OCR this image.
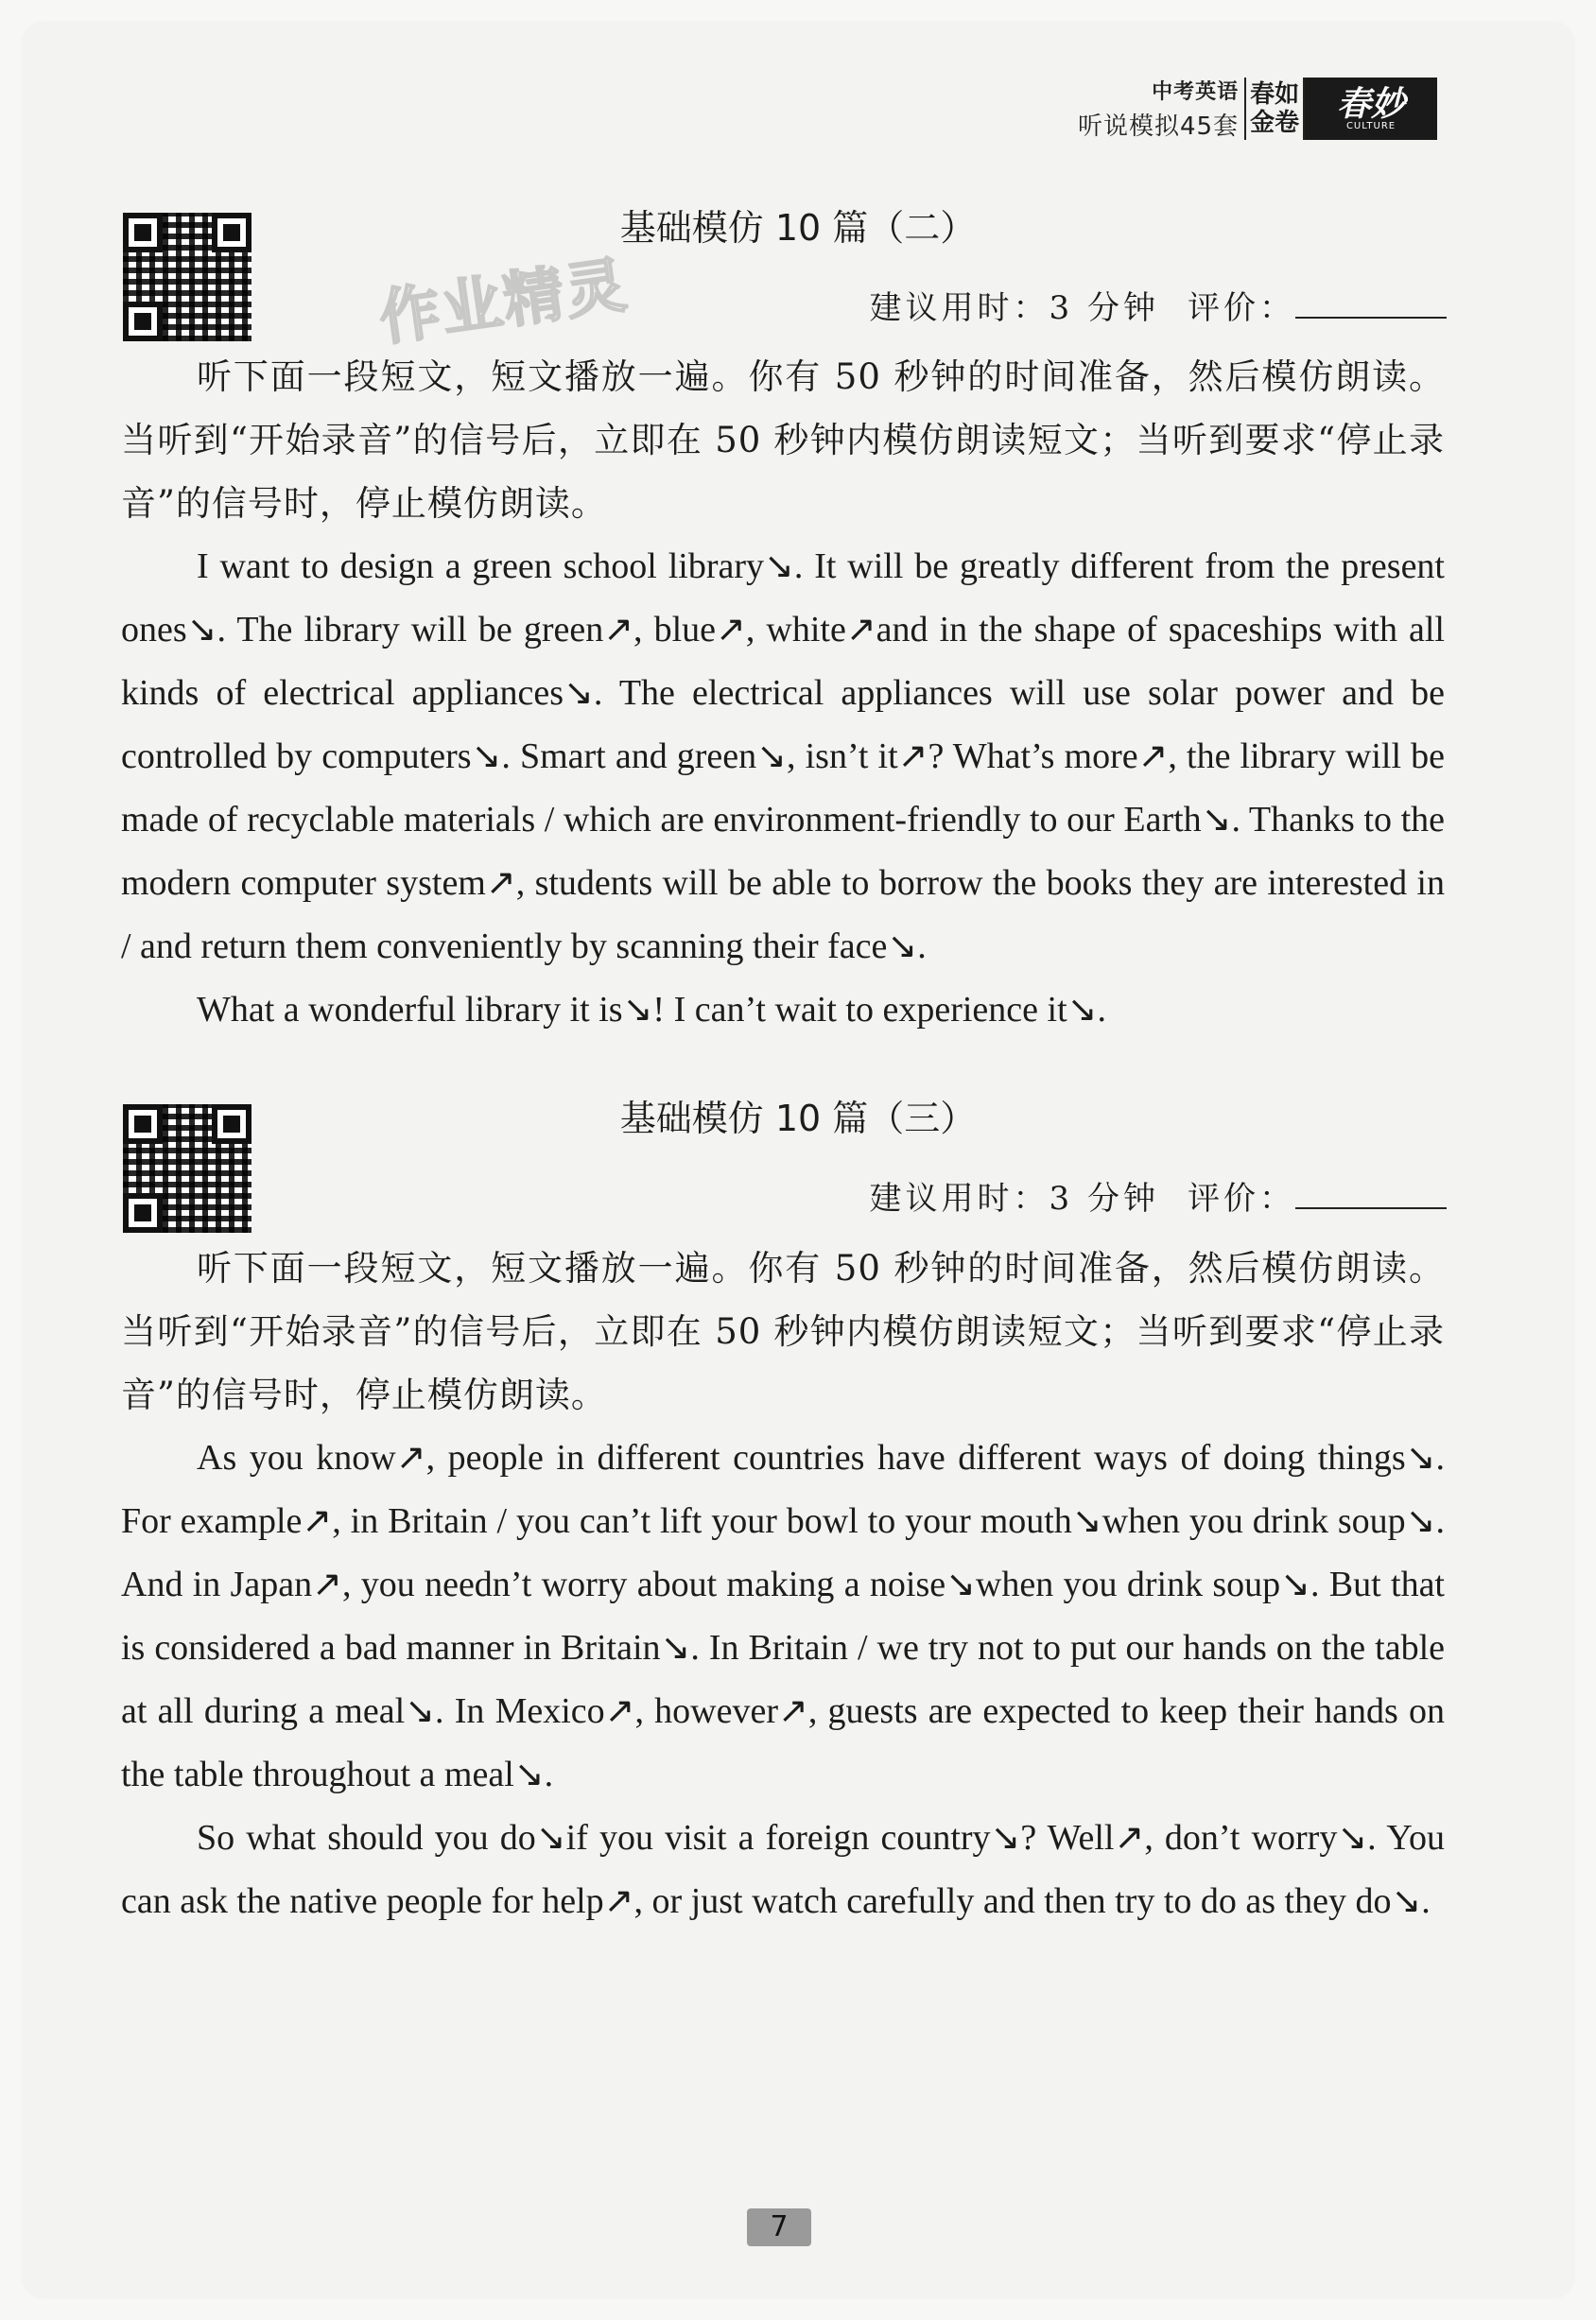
中考英语
听说模拟45套
春如金卷 春妙
CULTURE
作业精灵
基础模仿 10 篇（二）
建议用时：3 分钟 评价：

听下面一段短文，短文播放一遍。你有 50 秒钟的时间准备，然后模仿朗读。当听到“开始录音”的信号后，立即在 50 秒钟内模仿朗读短文；当听到要求“停止录音”的信号时，停止模仿朗读。

I want to design a green school library↘. It will be greatly different from the present ones↘. The library will be green↗, blue↗, white↗and in the shape of spaceships with all kinds of electrical appliances↘. The electrical appliances will use solar power and be controlled by computers↘. Smart and green↘, isn’t it↗? What’s more↗, the library will be made of recyclable materials / which are environment-friendly to our Earth↘. Thanks to the modern computer system↗, students will be able to borrow the books they are interested in / and return them conveniently by scanning their face↘.

What a wonderful library it is↘! I can’t wait to experience it↘.

基础模仿 10 篇（三）
建议用时：3 分钟 评价：

听下面一段短文，短文播放一遍。你有 50 秒钟的时间准备，然后模仿朗读。当听到“开始录音”的信号后，立即在 50 秒钟内模仿朗读短文；当听到要求“停止录音”的信号时，停止模仿朗读。

As you know↗, people in different countries have different ways of doing things↘. For example↗, in Britain / you can’t lift your bowl to your mouth↘when you drink soup↘. And in Japan↗, you needn’t worry about making a noise↘when you drink soup↘. But that is considered a bad manner in Britain↘. In Britain / we try not to put our hands on the table at all during a meal↘. In Mexico↗, however↗, guests are expected to keep their hands on the table throughout a meal↘.

So what should you do↘if you visit a foreign country↘? Well↗, don’t worry↘. You can ask the native people for help↗, or just watch carefully and then try to do as they do↘.

7
